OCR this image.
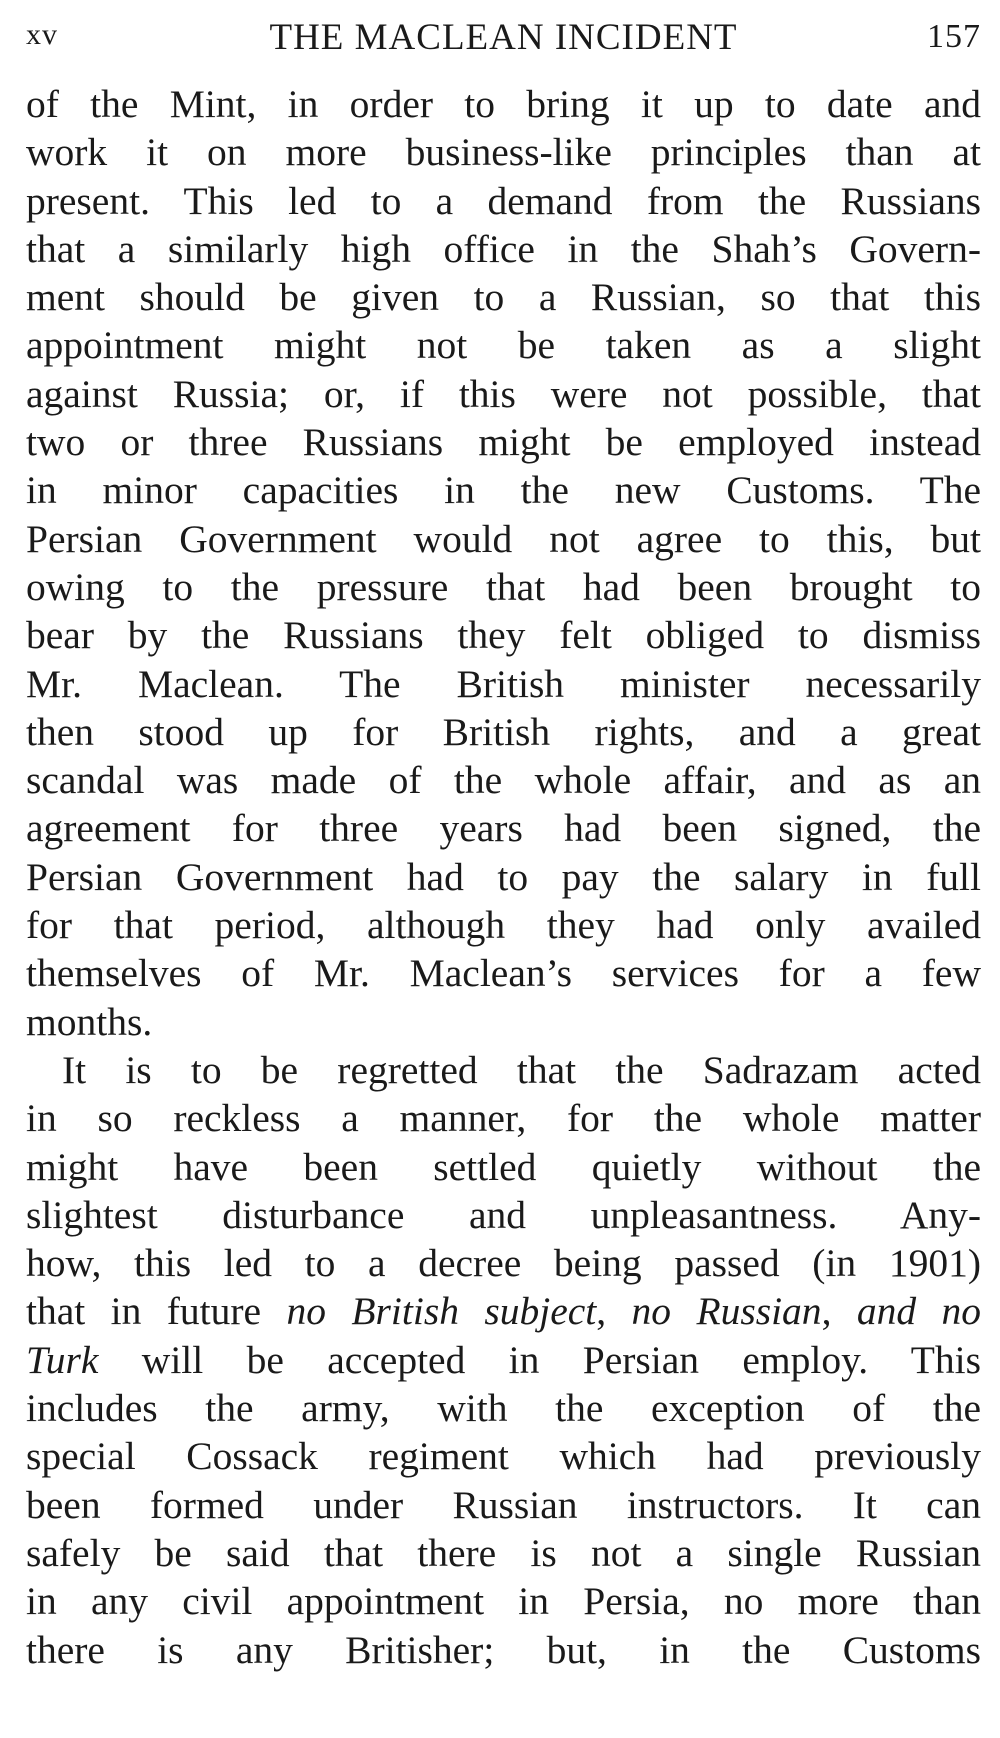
xv	THE MACLEAN INCIDENT	157

of the Mint, in order to bring it up to date and
work it on more business-like principles than at
present. This led to a demand from the Russians
that a similarly high office in the Shah’s Govern-
ment should be given to a Russian, so that this
appointment might not be taken as a slight
against Russia; or, if this were not possible, that
two or three Russians might be employed instead
in minor capacities in the new Customs. The
Persian Government would not agree to this, but
owing to the pressure that had been brought to
bear by the Russians they felt obliged to dismiss
Mr. Maclean. The British minister necessarily
then stood up for British rights, and a great
scandal was made of the whole affair, and as an
agreement for three years had been signed, the
Persian Government had to pay the salary in full
for that period, although they had only availed
themselves of Mr. Maclean’s services for a few
months.

It is to be regretted that the Sadrazam acted
in so reckless a manner, for the whole matter
might have been settled quietly without the
slightest disturbance and unpleasantness. Any-
how, this led to a decree being passed (in 1901)
that in future no British subject, no Russian, and no
Turk will be accepted in Persian employ. This
includes the army, with the exception of the
special Cossack regiment which had previously
been formed under Russian instructors. It can
safely be said that there is not a single Russian
in any civil appointment in Persia, no more than
there is any Britisher; but, in the Customs
